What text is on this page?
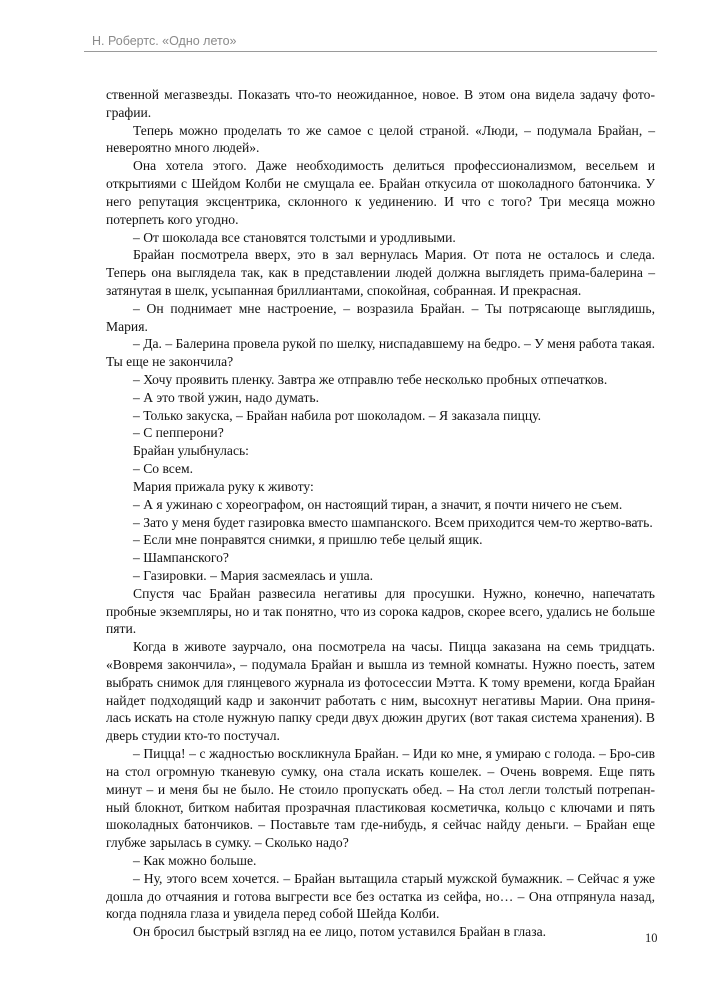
Н. Робертс. «Одно лето»

ственной мегазвезды. Показать что-то неожиданное, новое. В этом она видела задачу фото-графии.

Теперь можно проделать то же самое с целой страной. «Люди, – подумала Брайан, – невероятно много людей».

Она хотела этого. Даже необходимость делиться профессионализмом, весельем и открытиями с Шейдом Колби не смущала ее. Брайан откусила от шоколадного батончика. У него репутация эксцентрика, склонного к уединению. И что с того? Три месяца можно потерпеть кого угодно.

– От шоколада все становятся толстыми и уродливыми.

Брайан посмотрела вверх, это в зал вернулась Мария. От пота не осталось и следа. Теперь она выглядела так, как в представлении людей должна выглядеть прима-балерина – затянутая в шелк, усыпанная бриллиантами, спокойная, собранная. И прекрасная.

– Он поднимает мне настроение, – возразила Брайан. – Ты потрясающе выглядишь, Мария.

– Да. – Балерина провела рукой по шелку, ниспадавшему на бедро. – У меня работа такая. Ты еще не закончила?

– Хочу проявить пленку. Завтра же отправлю тебе несколько пробных отпечатков.

– А это твой ужин, надо думать.

– Только закуска, – Брайан набила рот шоколадом. – Я заказала пиццу.

– С пепперони?

Брайан улыбнулась:

– Со всем.

Мария прижала руку к животу:

– А я ужинаю с хореографом, он настоящий тиран, а значит, я почти ничего не съем.

– Зато у меня будет газировка вместо шампанского. Всем приходится чем-то жертво-вать.

– Если мне понравятся снимки, я пришлю тебе целый ящик.

– Шампанского?

– Газировки. – Мария засмеялась и ушла.

Спустя час Брайан развесила негативы для просушки. Нужно, конечно, напечатать пробные экземпляры, но и так понятно, что из сорока кадров, скорее всего, удались не больше пяти.

Когда в животе заурчало, она посмотрела на часы. Пицца заказана на семь тридцать. «Вовремя закончила», – подумала Брайан и вышла из темной комнаты. Нужно поесть, затем выбрать снимок для глянцевого журнала из фотосессии Мэтта. К тому времени, когда Брайан найдет подходящий кадр и закончит работать с ним, высохнут негативы Марии. Она приня-лась искать на столе нужную папку среди двух дюжин других (вот такая система хранения). В дверь студии кто-то постучал.

– Пицца! – с жадностью воскликнула Брайан. – Иди ко мне, я умираю с голода. – Бро-сив на стол огромную тканевую сумку, она стала искать кошелек. – Очень вовремя. Еще пять минут – и меня бы не было. Не стоило пропускать обед. – На стол легли толстый потрепан-ный блокнот, битком набитая прозрачная пластиковая косметичка, кольцо с ключами и пять шоколадных батончиков. – Поставьте там где-нибудь, я сейчас найду деньги. – Брайан еще глубже зарылась в сумку. – Сколько надо?

– Как можно больше.

– Ну, этого всем хочется. – Брайан вытащила старый мужской бумажник. – Сейчас я уже дошла до отчаяния и готова выгрести все без остатка из сейфа, но… – Она отпрянула назад, когда подняла глаза и увидела перед собой Шейда Колби.

Он бросил быстрый взгляд на ее лицо, потом уставился Брайан в глаза.	10
